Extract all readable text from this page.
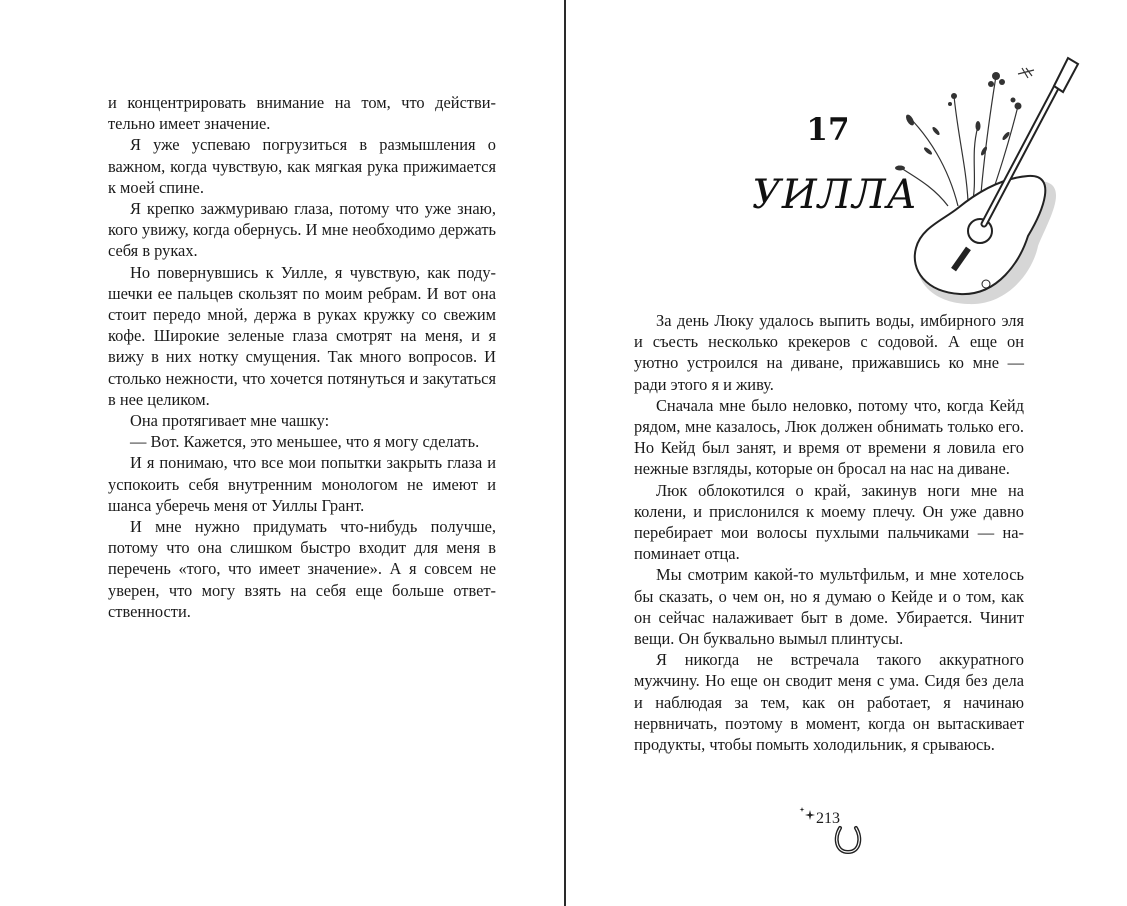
и концентрировать внимание на том, что действительно имеет значение.

Я уже успеваю погрузиться в размышления о важном, когда чувствую, как мягкая рука прижимается к моей спине.

Я крепко зажмуриваю глаза, потому что уже знаю, кого увижу, когда обернусь. И мне необходимо держать себя в руках.

Но повернувшись к Уилле, я чувствую, как подушечки ее пальцев скользят по моим ребрам. И вот она стоит передо мной, держа в руках кружку со свежим кофе. Широкие зеленые глаза смотрят на меня, и я вижу в них нотку смущения. Так много вопросов. И столько нежности, что хочется потянуться и закутаться в нее целиком.

Она протягивает мне чашку:

— Вот. Кажется, это меньшее, что я могу сделать.

И я понимаю, что все мои попытки закрыть глаза и успокоить себя внутренним монологом не имеют и шанса уберечь меня от Уиллы Грант.

И мне нужно придумать что-нибудь получше, потому что она слишком быстро входит для меня в перечень «того, что имеет значение». А я совсем не уверен, что могу взять на себя еще больше ответственности.

17
УИЛЛА

За день Люку удалось выпить воды, имбирного эля и съесть несколько крекеров с содовой. А еще он уютно устроился на диване, прижавшись ко мне — ради этого я и живу.

Сначала мне было неловко, потому что, когда Кейд рядом, мне казалось, Люк должен обнимать только его. Но Кейд был занят, и время от времени я ловила его нежные взгляды, которые он бросал на нас на диване.

Люк облокотился о край, закинув ноги мне на колени, и прислонился к моему плечу. Он уже давно перебирает мои волосы пухлыми пальчиками — напоминает отца.

Мы смотрим какой-то мультфильм, и мне хотелось бы сказать, о чем он, но я думаю о Кейде и о том, как он сейчас налаживает быт в доме. Убирается. Чинит вещи. Он буквально вымыл плинтусы.

Я никогда не встречала такого аккуратного мужчину. Но еще он сводит меня с ума. Сидя без дела и наблюдая за тем, как он работает, я начинаю нервничать, поэтому в момент, когда он вытаскивает продукты, чтобы помыть холодильник, я срываюсь.

213
